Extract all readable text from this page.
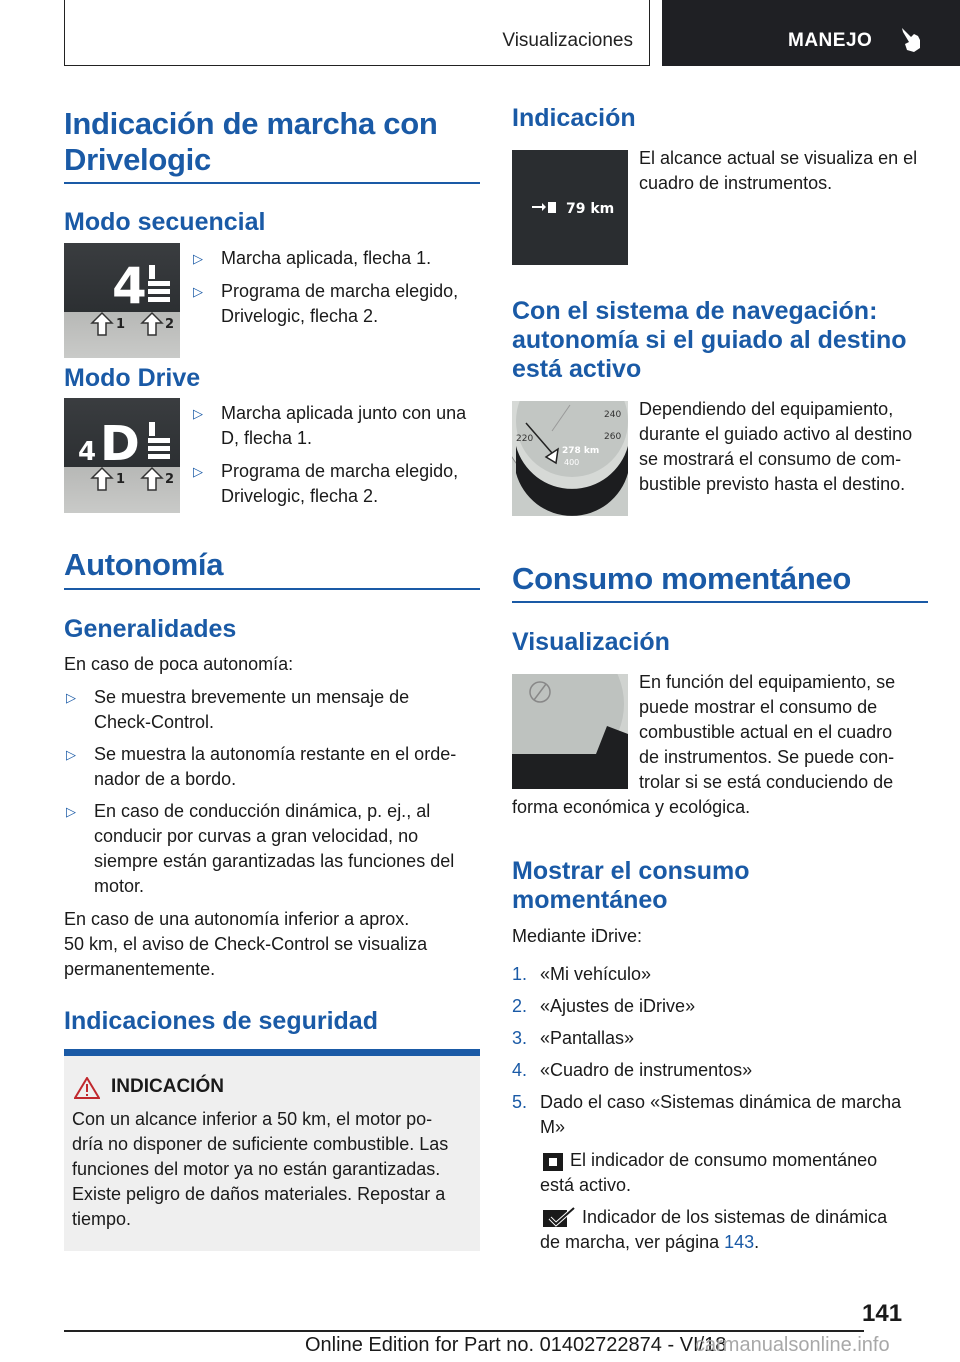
Visualizaciones	MANEJO
Indicación de marcha con
Drivelogic
Modo secuencial
4
1	2
▷ Marcha aplicada, flecha 1.
▷ Programa de marcha elegido,
Drivelogic, flecha 2.
Modo Drive
4 D
1	2
▷ Marcha aplicada junto con una
D, flecha 1.
▷ Programa de marcha elegido,
Drivelogic, flecha 2.
Autonomía
Generalidades
En caso de poca autonomía:
▷ Se muestra brevemente un mensaje de
Check-Control.
▷ Se muestra la autonomía restante en el orde-
nador de a bordo.
▷ En caso de conducción dinámica, p. ej., al
conducir por curvas a gran velocidad, no
siempre están garantizadas las funciones del
motor.
En caso de una autonomía inferior a aprox.
50 km, el aviso de Check-Control se visualiza
permanentemente.
Indicaciones de seguridad
INDICACIÓN
Con un alcance inferior a 50 km, el motor po-
dría no disponer de suficiente combustible. Las
funciones del motor ya no están garantizadas.
Existe peligro de daños materiales. Repostar a
tiempo.
Indicación
79 km
El alcance actual se visualiza en el
cuadro de instrumentos.
Con el sistema de navegación:
autonomía si el guiado al destino
está activo
240
260
220
278 km
400
Dependiendo del equipamiento,
durante el guiado activo al destino
se mostrará el consumo de com-
bustible previsto hasta el destino.
Consumo momentáneo
Visualización
En función del equipamiento, se
puede mostrar el consumo de
combustible actual en el cuadro
de instrumentos. Se puede con-
trolar si se está conduciendo de
forma económica y ecológica.
Mostrar el consumo
momentáneo
Mediante iDrive:
1. «Mi vehículo»
2. «Ajustes de iDrive»
3. «Pantallas»
4. «Cuadro de instrumentos»
5. Dado el caso «Sistemas dinámica de marcha
M»
El indicador de consumo momentáneo
está activo.
Indicador de los sistemas de dinámica
de marcha, ver página 143.
141
Online Edition for Part no. 01402722874 - VI/18
carmanualsonline.info
